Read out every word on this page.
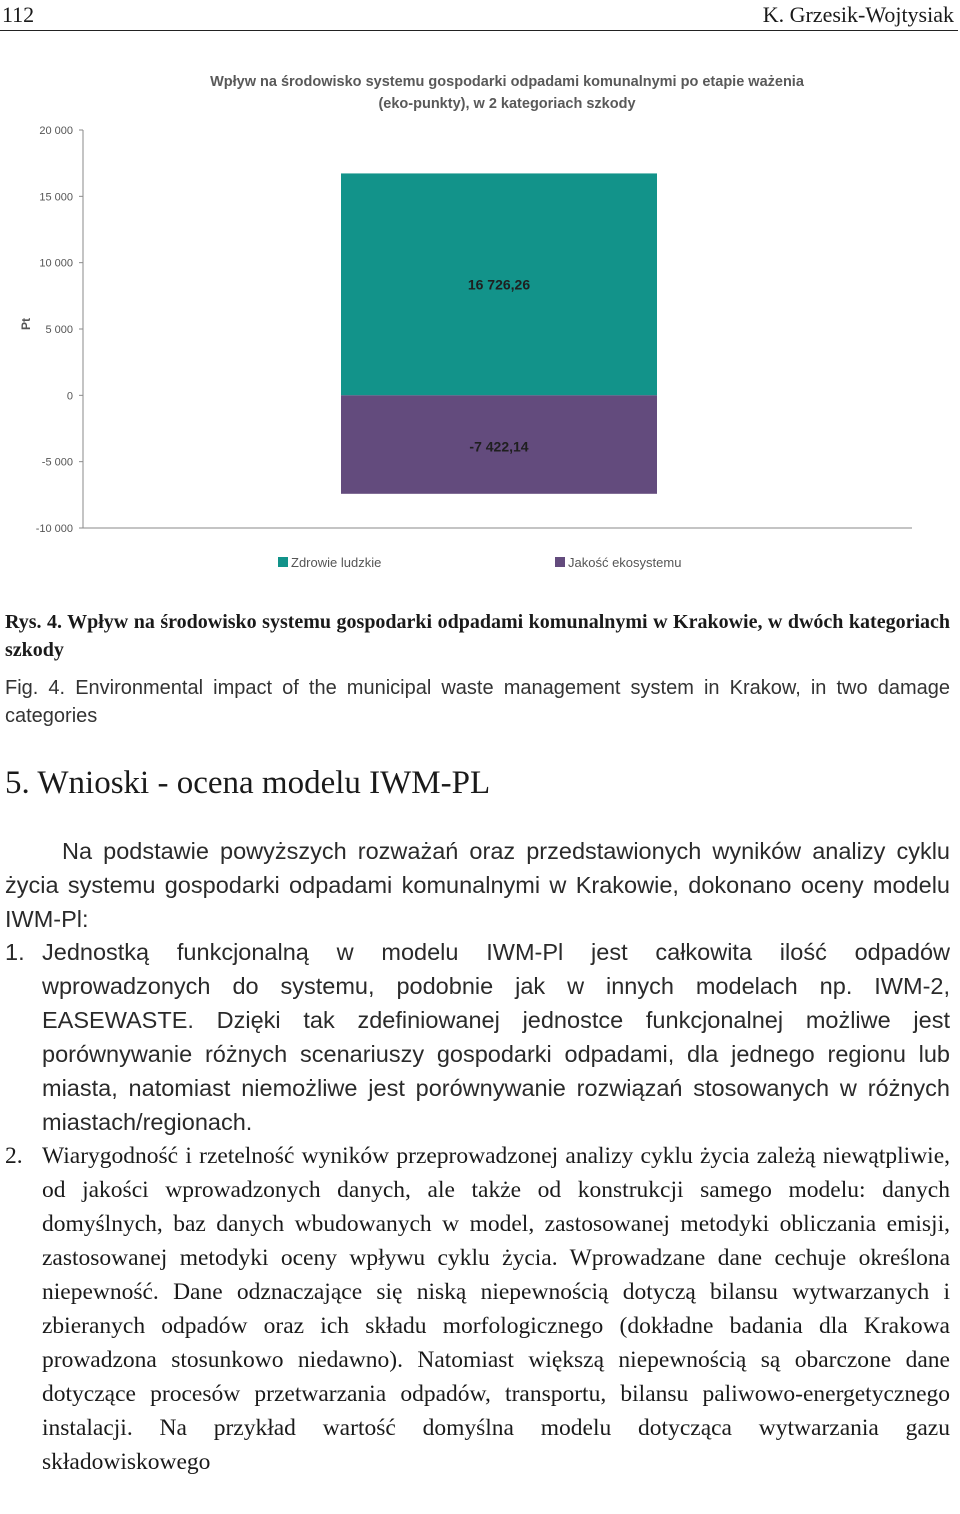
112	K. Grzesik-Wojtysiak
Wpływ na środowisko systemu gospodarki odpadami komunalnymi po etapie ważenia
(eko-punkty), w 2 kategoriach szkody
Pt
20 000
15 000
10 000
5 000
0
-5 000
-10 000
16 726,26
-7 422,14
Zdrowie ludzkie	Jakość ekosystemu

Rys. 4. Wpływ na środowisko systemu gospodarki odpadami komunalnymi w Krakowie, w dwóch kategoriach szkody

Fig. 4. Environmental impact of the municipal waste management system in Krakow, in two damage categories

5. Wnioski - ocena modelu IWM-PL

Na podstawie powyższych rozważań oraz przedstawionych wyników analizy cyklu życia systemu gospodarki odpadami komunalnymi w Krakowie, dokonano oceny modelu IWM-Pl:

1. Jednostką funkcjonalną w modelu IWM-Pl jest całkowita ilość odpadów wprowadzonych do systemu, podobnie jak w innych modelach np. IWM-2, EASEWASTE. Dzięki tak zdefiniowanej jednostce funkcjonalnej możliwe jest porównywanie różnych scenariuszy gospodarki odpadami, dla jednego regionu lub miasta, natomiast niemożliwe jest porównywanie rozwiązań stosowanych w różnych miastach/regionach.
2. Wiarygodność i rzetelność wyników przeprowadzonej analizy cyklu życia zależą niewątpliwie, od jakości wprowadzonych danych, ale także od konstrukcji samego modelu: danych domyślnych, baz danych wbudowanych w model, zastosowanej metodyki obliczania emisji, zastosowanej metodyki oceny wpływu cyklu życia. Wprowadzane dane cechuje określona niepewność. Dane odznaczające się niską niepewnością dotyczą bilansu wytwarzanych i zbieranych odpadów oraz ich składu morfologicznego (dokładne badania dla Krakowa prowadzona stosunkowo niedawno). Natomiast większą niepewnością są obarczone dane dotyczące procesów przetwarzania odpadów, transportu, bilansu paliwowo-energetycznego instalacji. Na przykład wartość domyślna modelu dotycząca wytwarzania gazu składowiskowego
